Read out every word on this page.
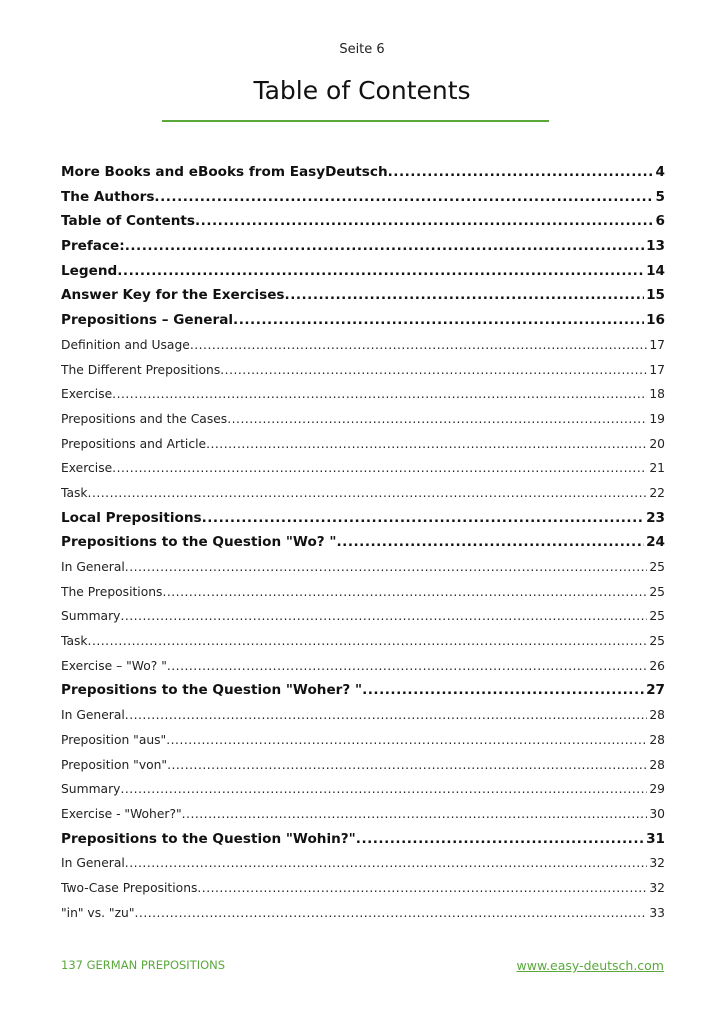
Seite 6
Table of Contents
More Books and eBooks from EasyDeutsch .....	4
The Authors .....	5
Table of Contents .....	6
Preface: .....	13
Legend .....	14
Answer Key for the Exercises .....	15
Prepositions – General .....	16
Definition and Usage .....	17
The Different Prepositions .....	17
Exercise .....	18
Prepositions and the Cases .....	19
Prepositions and Article .....	20
Exercise .....	21
Task .....	22
Local Prepositions .....	23
Prepositions to the Question "Wo? " .....	24
In General .....	25
The Prepositions .....	25
Summary .....	25
Task .....	25
Exercise – "Wo? " .....	26
Prepositions to the Question "Woher? " .....	27
In General .....	28
Preposition "aus" .....	28
Preposition "von" .....	28
Summary .....	29
Exercise - "Woher?" .....	30
Prepositions to the Question "Wohin?" .....	31
In General .....	32
Two-Case Prepositions .....	32
"in" vs. "zu" .....	33
137 GERMAN PREPOSITIONS	www.easy-deutsch.com
